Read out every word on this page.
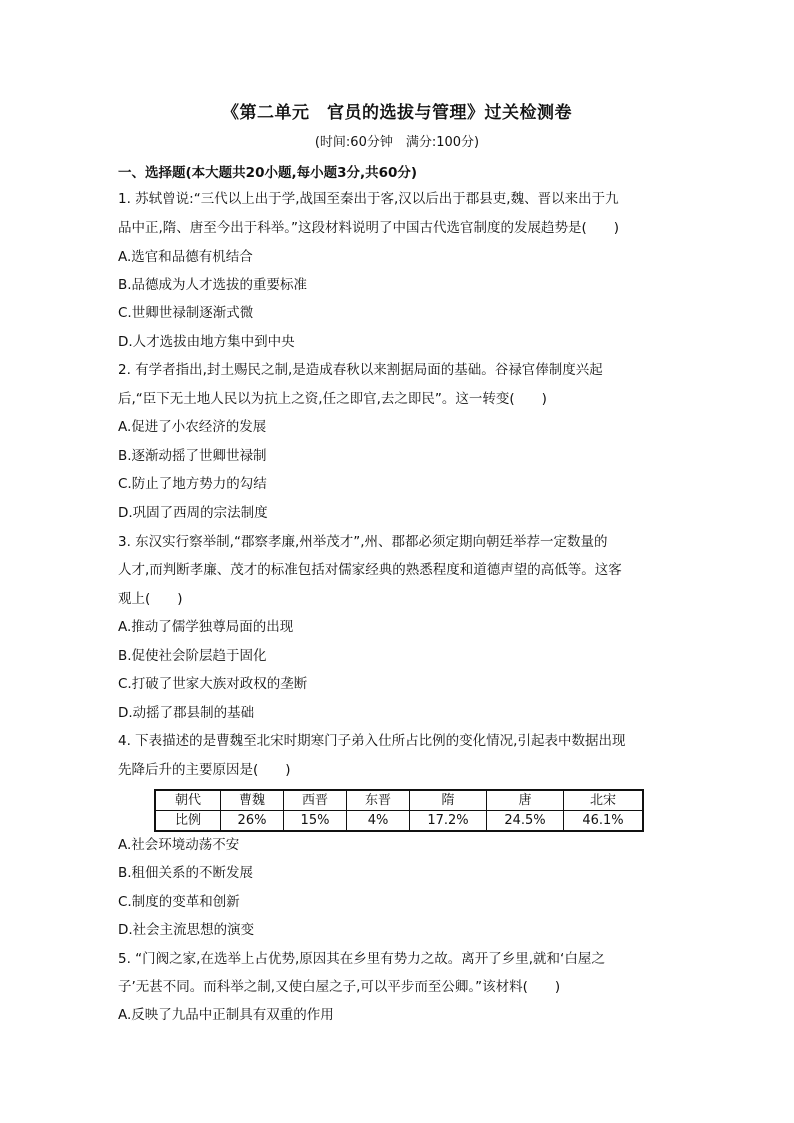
《第二单元　官员的选拔与管理》过关检测卷
(时间:60分钟　满分:100分)
一、选择题(本大题共20小题,每小题3分,共60分)
1. 苏轼曾说:“三代以上出于学,战国至秦出于客,汉以后出于郡县吏,魏、晋以来出于九
品中正,隋、唐至今出于科举。”这段材料说明了中国古代选官制度的发展趋势是(　　)
A.选官和品德有机结合
B.品德成为人才选拔的重要标准
C.世卿世禄制逐渐式微
D.人才选拔由地方集中到中央
2. 有学者指出,封土赐民之制,是造成春秋以来割据局面的基础。谷禄官俸制度兴起
后,“臣下无土地人民以为抗上之资,任之即官,去之即民”。这一转变(　　)
A.促进了小农经济的发展
B.逐渐动摇了世卿世禄制
C.防止了地方势力的勾结
D.巩固了西周的宗法制度
3. 东汉实行察举制,“郡察孝廉,州举茂才”,州、郡都必须定期向朝廷举荐一定数量的
人才,而判断孝廉、茂才的标准包括对儒家经典的熟悉程度和道德声望的高低等。这客
观上(　　)
A.推动了儒学独尊局面的出现
B.促使社会阶层趋于固化
C.打破了世家大族对政权的垄断
D.动摇了郡县制的基础
4. 下表描述的是曹魏至北宋时期寒门子弟入仕所占比例的变化情况,引起表中数据出现
先降后升的主要原因是(　　)
朝代	曹魏	西晋	东晋	隋	唐	北宋
比例	26%	15%	4%	17.2%	24.5%	46.1%
A.社会环境动荡不安
B.租佃关系的不断发展
C.制度的变革和创新
D.社会主流思想的演变
5. “门阀之家,在选举上占优势,原因其在乡里有势力之故。离开了乡里,就和‘白屋之
子’无甚不同。而科举之制,又使白屋之子,可以平步而至公卿。”该材料(　　)
A.反映了九品中正制具有双重的作用
